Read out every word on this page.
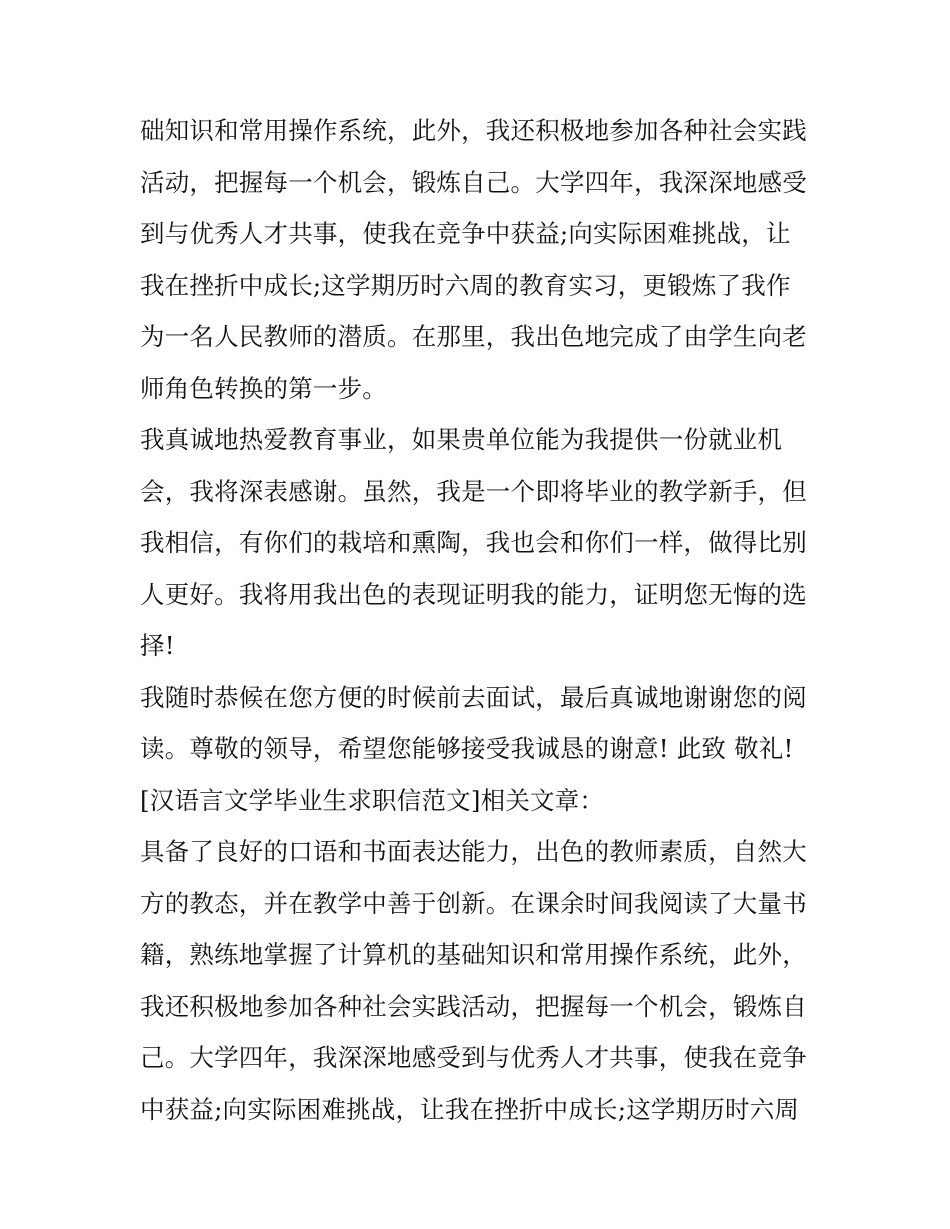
础知识和常用操作系统，此外，我还积极地参加各种社会实践
活动，把握每一个机会，锻炼自己。大学四年，我深深地感受
到与优秀人才共事，使我在竞争中获益;向实际困难挑战，让
我在挫折中成长;这学期历时六周的教育实习，更锻炼了我作
为一名人民教师的潜质。在那里，我出色地完成了由学生向老
师角色转换的第一步。
我真诚地热爱教育事业，如果贵单位能为我提供一份就业机
会，我将深表感谢。虽然，我是一个即将毕业的教学新手，但
我相信，有你们的栽培和熏陶，我也会和你们一样，做得比别
人更好。我将用我出色的表现证明我的能力，证明您无悔的选
择!
我随时恭候在您方便的时候前去面试，最后真诚地谢谢您的阅
读。尊敬的领导，希望您能够接受我诚恳的谢意! 此致 敬礼!
[汉语言文学毕业生求职信范文]相关文章：
具备了良好的口语和书面表达能力，出色的教师素质，自然大
方的教态，并在教学中善于创新。在课余时间我阅读了大量书
籍，熟练地掌握了计算机的基础知识和常用操作系统，此外，
我还积极地参加各种社会实践活动，把握每一个机会，锻炼自
己。大学四年，我深深地感受到与优秀人才共事，使我在竞争
中获益;向实际困难挑战，让我在挫折中成长;这学期历时六周
